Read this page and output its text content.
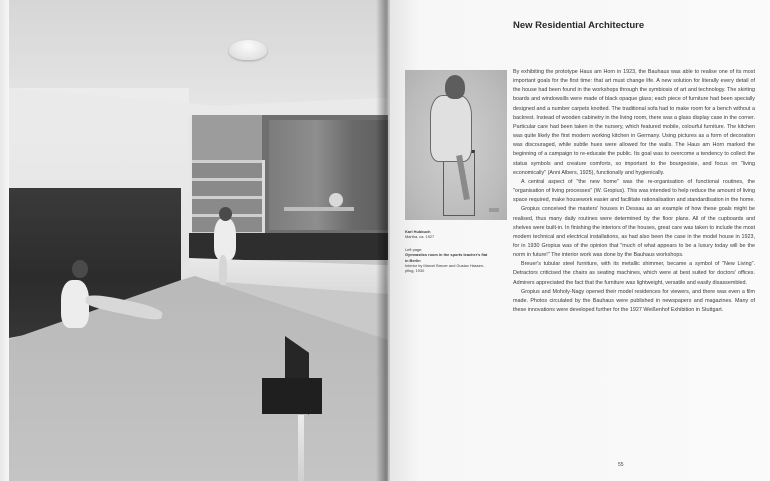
New Residential Architecture
Karl Hubbuch
Martha, ca. 1927
Left page:
Gymnastics room in the sports teacher's flat
in Berlin
Interior by Marcel Breuer and Gustav Hassen-
pflug, 1930

By exhibiting the prototype Haus am Horn in 1923, the Bauhaus was able to realise one of its most important goals for the first time: that art must change life. A new solution for literally every detail of the house had been found in the workshops through the symbiosis of art and technology. The skirting boards and windowsills were made of black opaque glass; each piece of furniture had been specially designed and a number carpets knotted. The traditional sofa had to make room for a bench without a backrest. Instead of wooden cabinetry in the living room, there was a glass display case in the corner. Particular care had been taken in the nursery, which featured mobile, colourful furniture. The kitchen was quite likely the first modern working kitchen in Germany. Using pictures as a form of decoration was discouraged, while subtle hues were allowed for the walls. The Haus am Horn marked the beginning of a campaign to re-educate the public. Its goal was to overcome a tendency to collect the status symbols and creature comforts, so important to the bourgeoisie, and focus on "living economically" (Anni Albers, 1925), functionally and hygienically.

A central aspect of "the new home" was the re-organisation of functional routines, the "organisation of living processes" (W. Gropius). This was intended to help reduce the amount of living space required, make housework easier and facilitate rationalisation and standardisation in the home.

Gropius conceived the masters' houses in Dessau as an example of how these goals might be realised, thus many daily routines were determined by the floor plans. All of the cupboards and shelves were built-in. In finishing the interiors of the houses, great care was taken to include the most modern technical and electrical installations, as had also been the case in the model house in 1923, for in 1930 Gropius was of the opinion that "much of what appears to be a luxury today will be the norm in future!" The interior work was done by the Bauhaus workshops.

Breuer's tubular steel furniture, with its metallic shimmer, became a symbol of "New Living". Detractors criticised the chairs as seating machines, which were at best suited for doctors' offices. Admirers appreciated the fact that the furniture was lightweight, versatile and easily disassembled.

Gropius and Moholy-Nagy opened their model residences for viewers, and there was even a film made. Photos circulated by the Bauhaus were published in newspapers and magazines. Many of these innovations were developed further for the 1927 Weißenhof Exhibition in Stuttgart.

55
